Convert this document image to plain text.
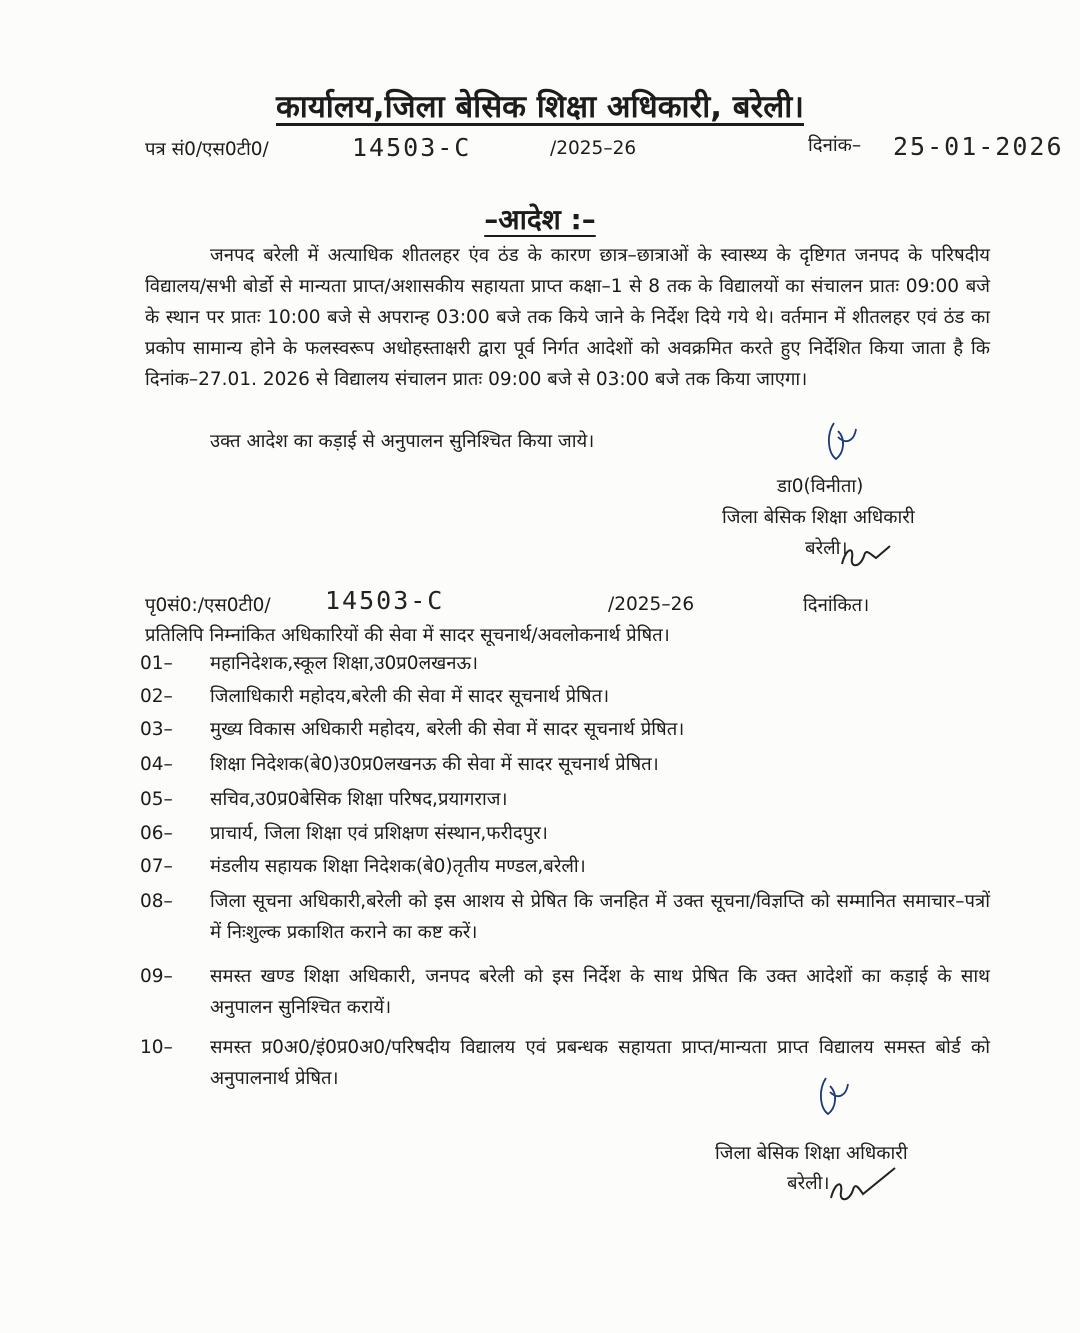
कार्यालय,जिला बेसिक शिक्षा अधिकारी, बरेली।
पत्र सं0/एस0टी0/	14503-C	/2025–26	दिनांक– 25-01-2026
–आदेश :–
जनपद बरेली में अत्याधिक शीतलहर एंव ठंड के कारण छात्र–छात्राओं के स्वास्थ्य के दृष्टिगत जनपद के परिषदीय विद्यालय/सभी बोर्डो से मान्यता प्राप्त/अशासकीय सहायता प्राप्त कक्षा–1 से 8 तक के विद्यालयों का संचालन प्रातः 09:00 बजे के स्थान पर प्रातः 10:00 बजे से अपरान्ह 03:00 बजे तक किये जाने के निर्देश दिये गये थे। वर्तमान में शीतलहर एवं ठंड का प्रकोप सामान्य होने के फलस्वरूप अधोहस्ताक्षरी द्वारा पूर्व निर्गत आदेशों को अवक्रमित करते हुए निर्देशित किया जाता है कि दिनांक–27.01. 2026 से विद्यालय संचालन प्रातः 09:00 बजे से 03:00 बजे तक किया जाएगा।
उक्त आदेश का कड़ाई से अनुपालन सुनिश्चित किया जाये।
डा0(विनीता)
जिला बेसिक शिक्षा अधिकारी
बरेली।
पृ0सं0:/एस0टी0/ 14503-C	/2025–26	दिनांकित।
प्रतिलिपि निम्नांकित अधिकारियों की सेवा में सादर सूचनार्थ/अवलोकनार्थ प्रेषित।
01–	महानिदेशक,स्कूल शिक्षा,उ0प्र0लखनऊ।
02–	जिलाधिकारी महोदय,बरेली की सेवा में सादर सूचनार्थ प्रेषित।
03–	मुख्य विकास अधिकारी महोदय, बरेली की सेवा में सादर सूचनार्थ प्रेषित।
04–	शिक्षा निदेशक(बे0)उ0प्र0लखनऊ की सेवा में सादर सूचनार्थ प्रेषित।
05–	सचिव,उ0प्र0बेसिक शिक्षा परिषद,प्रयागराज।
06–	प्राचार्य, जिला शिक्षा एवं प्रशिक्षण संस्थान,फरीदपुर।
07–	मंडलीय सहायक शिक्षा निदेशक(बे0)तृतीय मण्डल,बरेली।
08–	जिला सूचना अधिकारी,बरेली को इस आशय से प्रेषित कि जनहित में उक्त सूचना/विज्ञप्ति को सम्मानित समाचार–पत्रों में निःशुल्क प्रकाशित कराने का कष्ट करें।
09–	समस्त खण्ड शिक्षा अधिकारी, जनपद बरेली को इस निर्देश के साथ प्रेषित कि उक्त आदेशों का कड़ाई के साथ अनुपालन सुनिश्चित करायें।
10–	समस्त प्र0अ0/इं0प्र0अ0/परिषदीय विद्यालय एवं प्रबन्धक सहायता प्राप्त/मान्यता प्राप्त विद्यालय समस्त बोर्ड को अनुपालनार्थ प्रेषित।
जिला बेसिक शिक्षा अधिकारी
बरेली।
